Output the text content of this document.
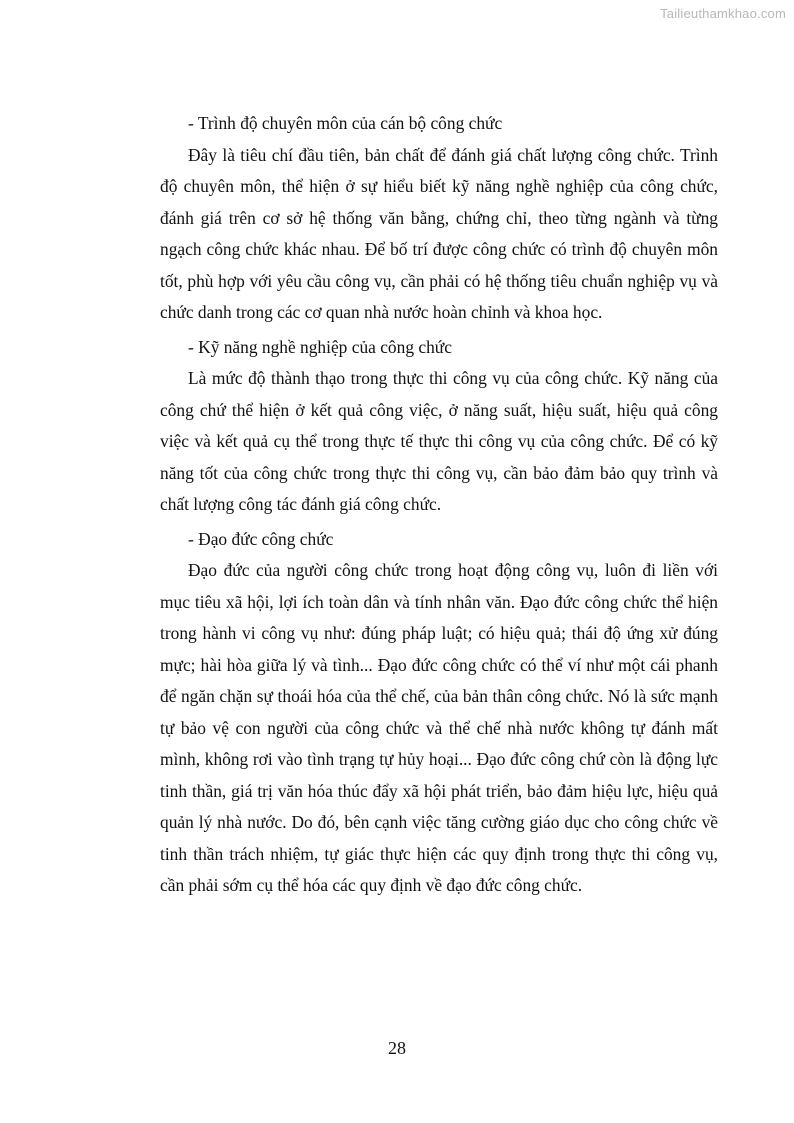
Tailieuthamkhao.com

- Trình độ chuyên môn của cán bộ công chức

Đây là tiêu chí đầu tiên, bản chất để đánh giá chất lượng công chức. Trình độ chuyên môn, thể hiện ở sự hiểu biết kỹ năng nghề nghiệp của công chức, đánh giá trên cơ sở hệ thống văn bằng, chứng chỉ, theo từng ngành và từng ngạch công chức khác nhau. Để bố trí được công chức có trình độ chuyên môn tốt, phù hợp với yêu cầu công vụ, cần phải có hệ thống tiêu chuẩn nghiệp vụ và chức danh trong các cơ quan nhà nước hoàn chỉnh và khoa học.

- Kỹ năng nghề nghiệp của công chức

Là mức độ thành thạo trong thực thi công vụ của công chức. Kỹ năng của công chứ thể hiện ở kết quả công việc, ở năng suất, hiệu suất, hiệu quả công việc và kết quả cụ thể trong thực tế thực thi công vụ của công chức. Để có kỹ năng tốt của công chức trong thực thi công vụ, cần bảo đảm bảo quy trình và chất lượng công tác đánh giá công chức.

- Đạo đức công chức

Đạo đức của người công chức trong hoạt động công vụ, luôn đi liền với mục tiêu xã hội, lợi ích toàn dân và tính nhân văn. Đạo đức công chức thể hiện trong hành vi công vụ như: đúng pháp luật; có hiệu quả; thái độ ứng xử đúng mực; hài hòa giữa lý và tình... Đạo đức công chức có thể ví như một cái phanh để ngăn chặn sự thoái hóa của thể chế, của bản thân công chức. Nó là sức mạnh tự bảo vệ con người của công chức và thể chế nhà nước không tự đánh mất mình, không rơi vào tình trạng tự hủy hoại... Đạo đức công chứ còn là động lực tinh thần, giá trị văn hóa thúc đẩy xã hội phát triển, bảo đảm hiệu lực, hiệu quả quản lý nhà nước. Do đó, bên cạnh việc tăng cường giáo dục cho công chức về tinh thần trách nhiệm, tự giác thực hiện các quy định trong thực thi công vụ, cần phải sớm cụ thể hóa các quy định về đạo đức công chức.

28
